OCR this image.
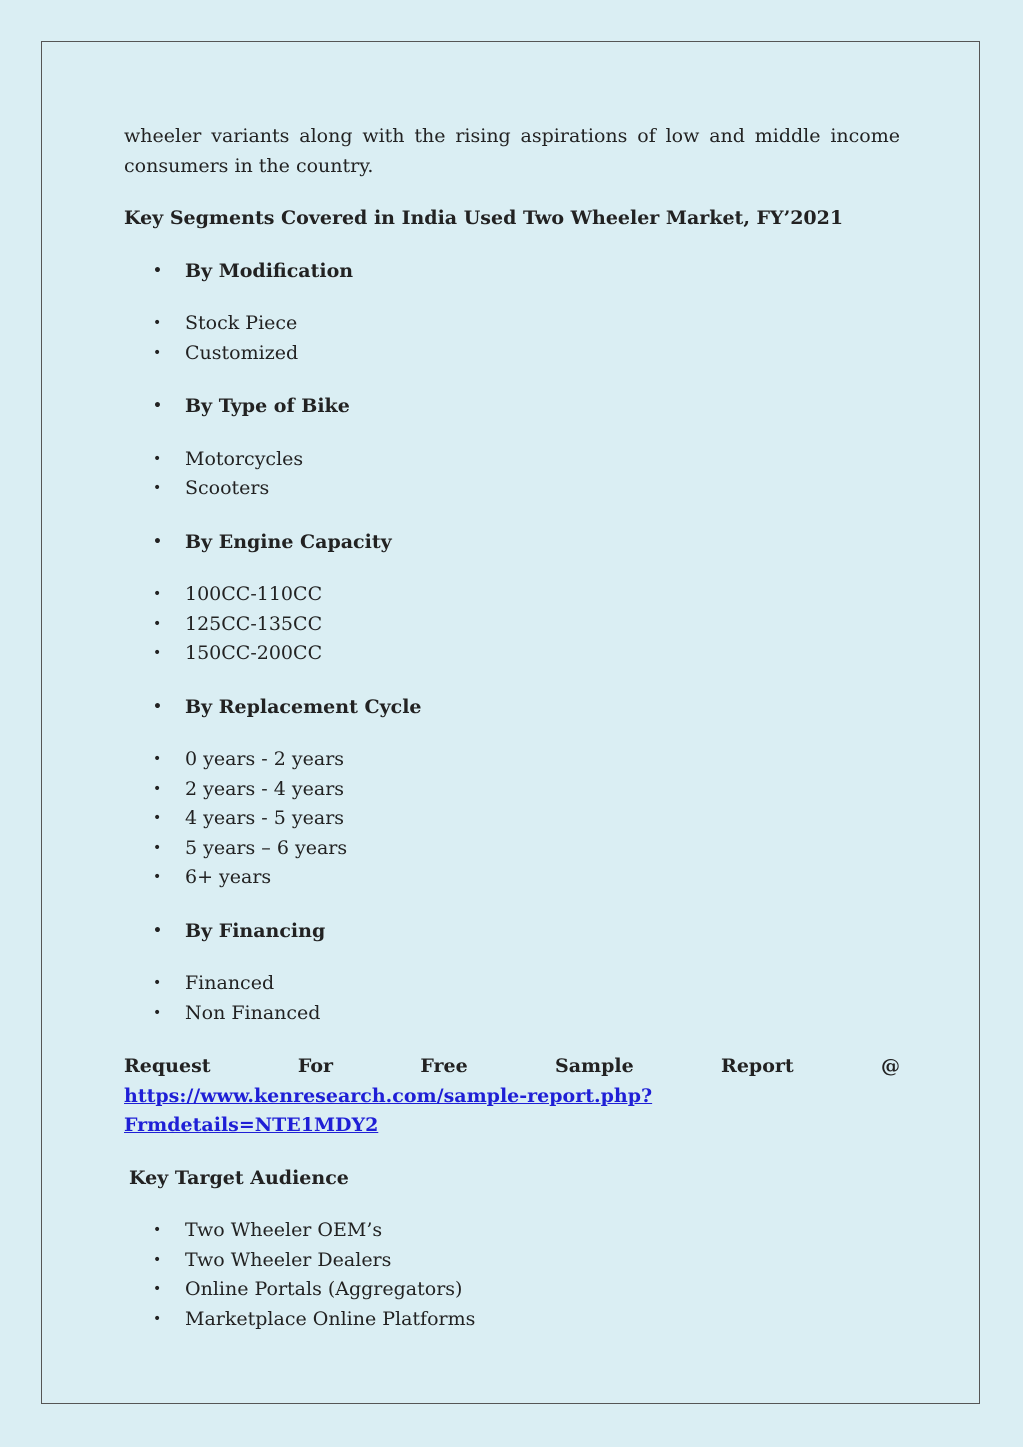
wheeler variants along with the rising aspirations of low and middle income consumers in the country.

Key Segments Covered in India Used Two Wheeler Market, FY’2021

• By Modification
• Stock Piece
• Customized
• By Type of Bike
• Motorcycles
• Scooters
• By Engine Capacity
• 100CC-110CC
• 125CC-135CC
• 150CC-200CC
• By Replacement Cycle
• 0 years - 2 years
• 2 years - 4 years
• 4 years - 5 years
• 5 years – 6 years
• 6+ years
• By Financing
• Financed
• Non Financed

Request For Free Sample Report @ https://www.kenresearch.com/sample-report.php?Frmdetails=NTE1MDY2

Key Target Audience

• Two Wheeler OEM’s
• Two Wheeler Dealers
• Online Portals (Aggregators)
• Marketplace Online Platforms
